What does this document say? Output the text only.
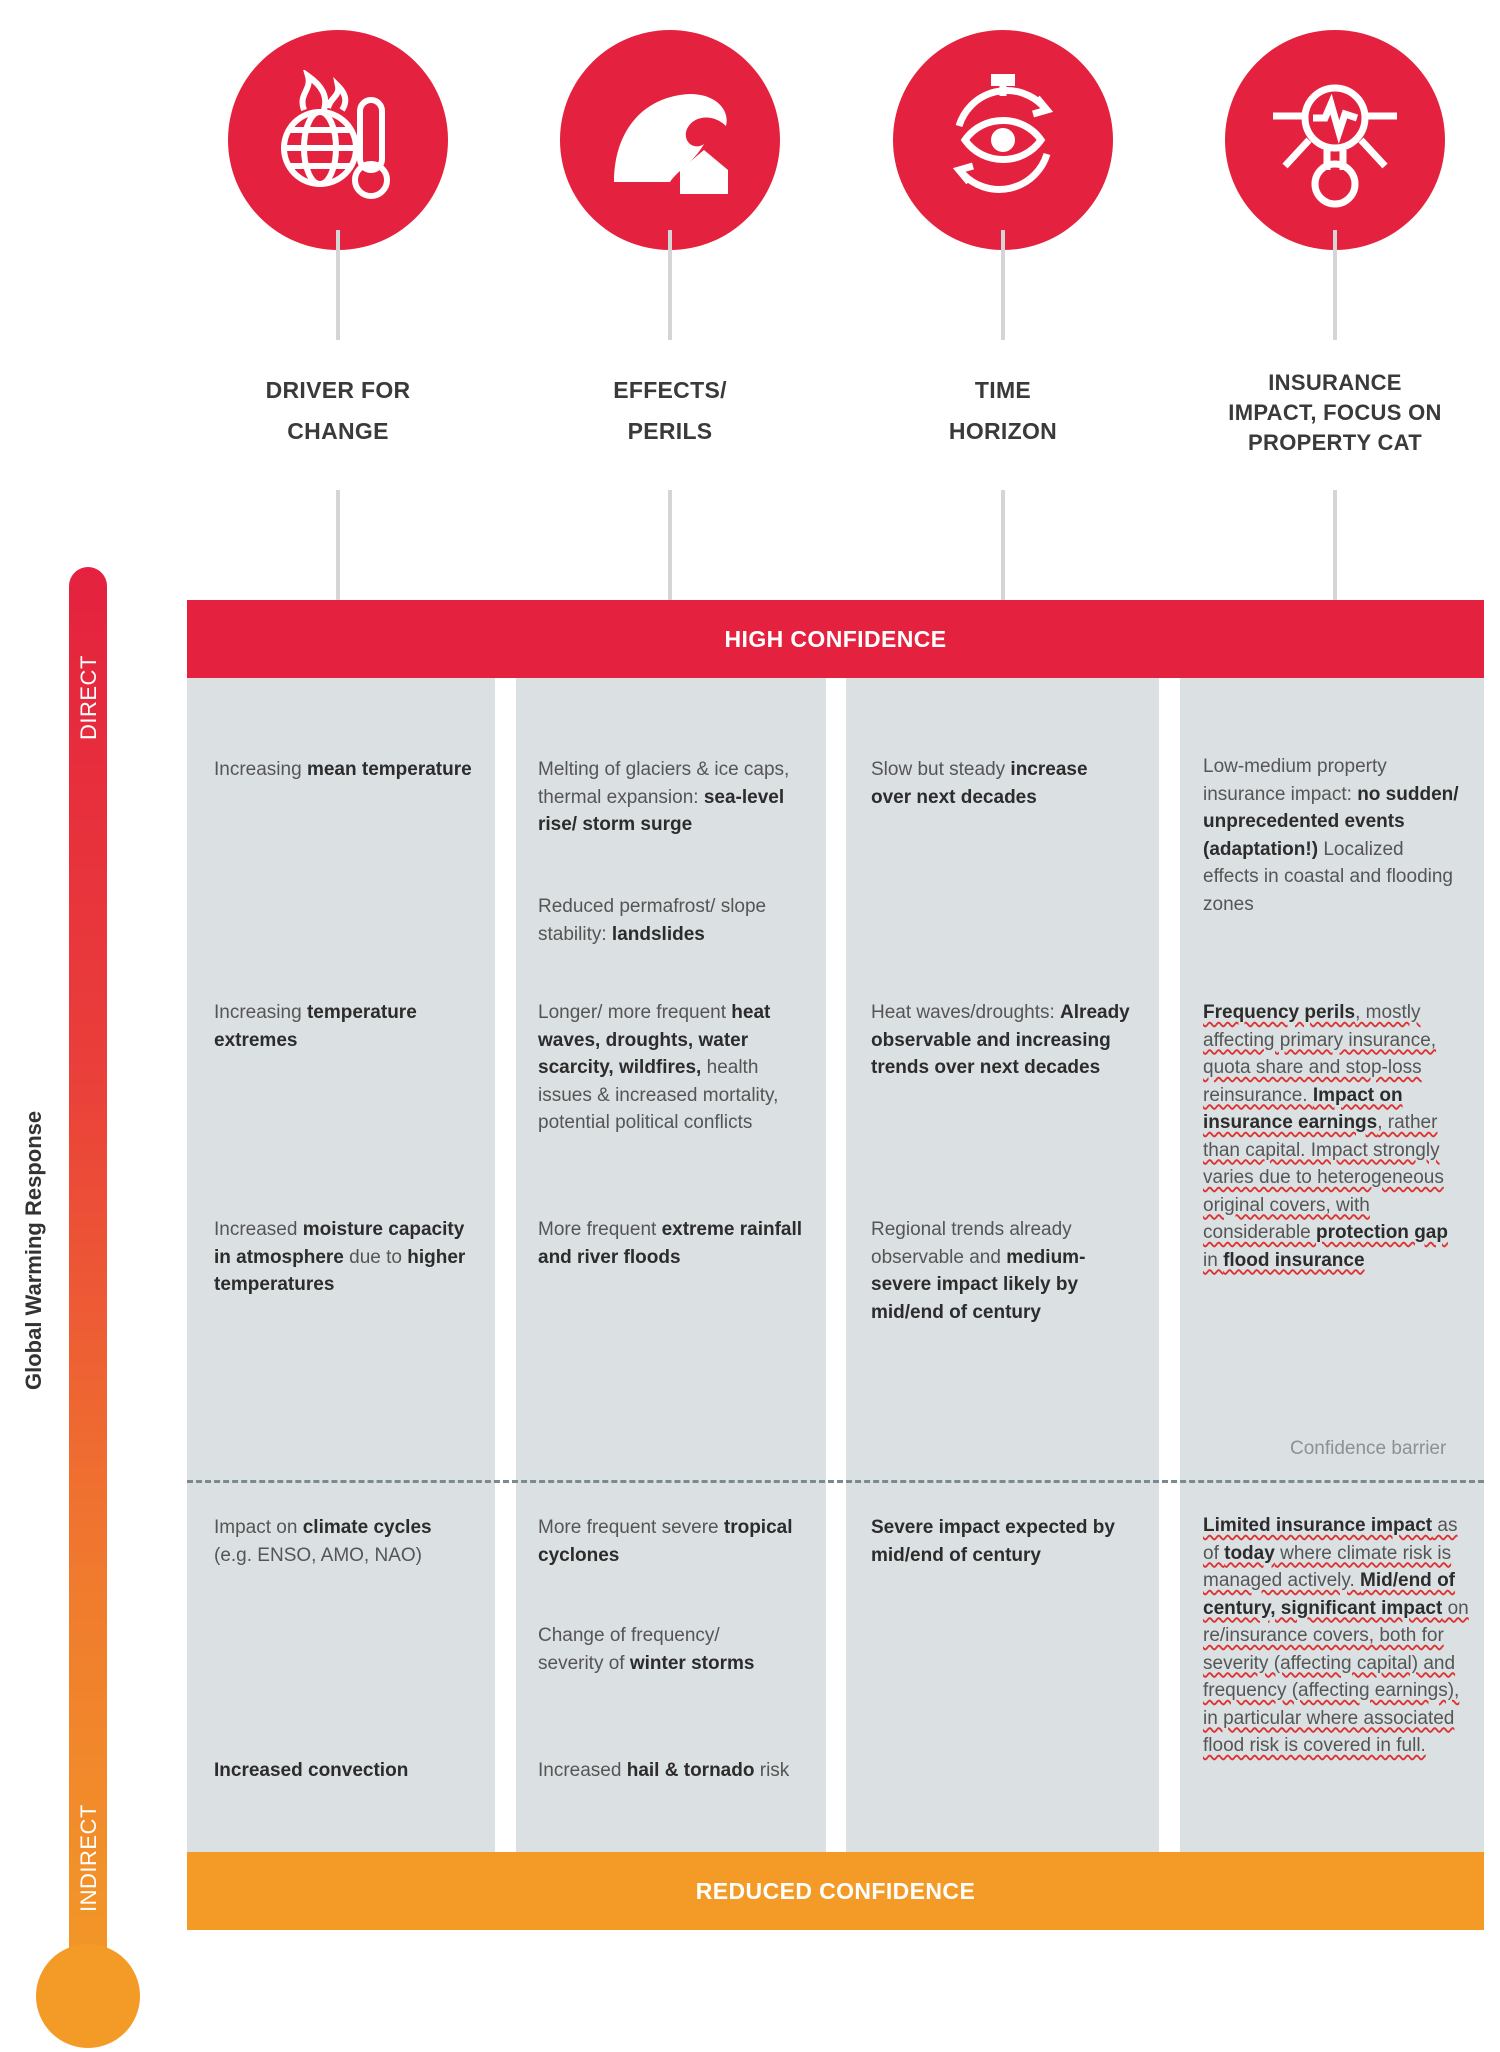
DRIVER FOR
CHANGE
EFFECTS/
PERILS
TIME
HORIZON
INSURANCE
IMPACT, FOCUS ON
PROPERTY CAT
HIGH CONFIDENCE
REDUCED CONFIDENCE
Confidence barrier
Increasing mean temperature
Increasing temperature extremes
Increased moisture capacity in atmosphere due to higher temperatures
Impact on climate cycles (e.g. ENSO, AMO, NAO)
Increased convection
Melting of glaciers & ice caps, thermal expansion: sea-level rise/ storm surge
Reduced permafrost/ slope stability: landslides
Longer/ more frequent heat waves, droughts, water scarcity, wildfires, health issues & increased mortality, potential political conflicts
More frequent extreme rainfall and river floods
More frequent severe tropical cyclones
Change of frequency/ severity of winter storms
Increased hail & tornado risk
Slow but steady increase over next decades
Heat waves/droughts: Already observable and increasing trends over next decades
Regional trends already observable and medium-severe impact likely by mid/end of century
Severe impact expected by mid/end of century
Low-medium property insurance impact: no sudden/ unprecedented events (adaptation!) Localized effects in coastal and flooding zones
Frequency perils, mostly affecting primary insurance, quota share and stop-loss reinsurance. Impact on insurance earnings, rather than capital. Impact strongly varies due to heterogeneous original covers, with considerable protection gap in flood insurance
Limited insurance impact as of today where climate risk is managed actively. Mid/end of century, significant impact on re/insurance covers, both for severity (affecting capital) and frequency (affecting earnings), in particular where associated flood risk is covered in full.
DIRECT
INDIRECT
Global Warming Response
